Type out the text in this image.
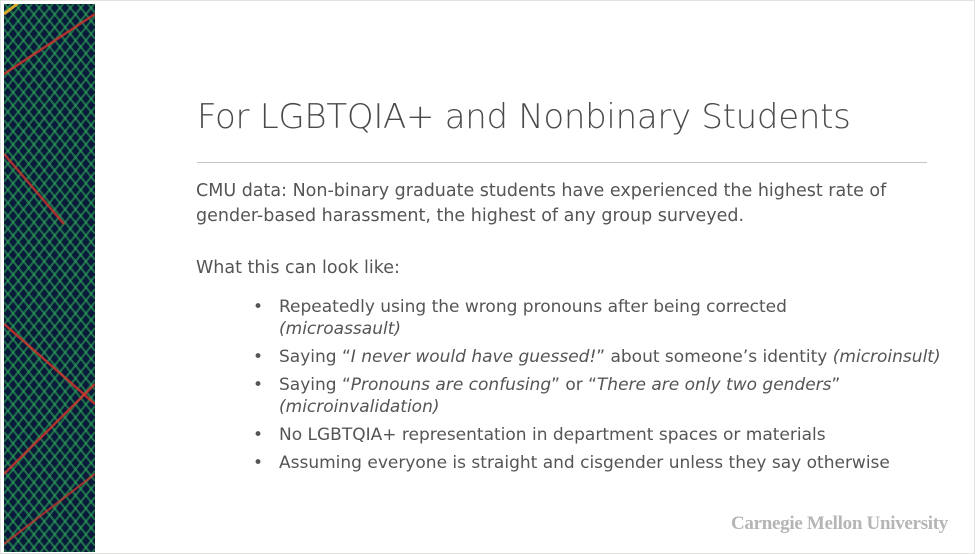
For LGBTQIA+ and Nonbinary Students
CMU data: Non-binary graduate students have experienced the highest rate of gender-based harassment, the highest of any group surveyed.
What this can look like:
• Repeatedly using the wrong pronouns after being corrected
(microassault)
• Saying “I never would have guessed!” about someone’s identity (microinsult)
• Saying “Pronouns are confusing” or “There are only two genders”
(microinvalidation)
• No LGBTQIA+ representation in department spaces or materials
• Assuming everyone is straight and cisgender unless they say otherwise
Carnegie Mellon University
